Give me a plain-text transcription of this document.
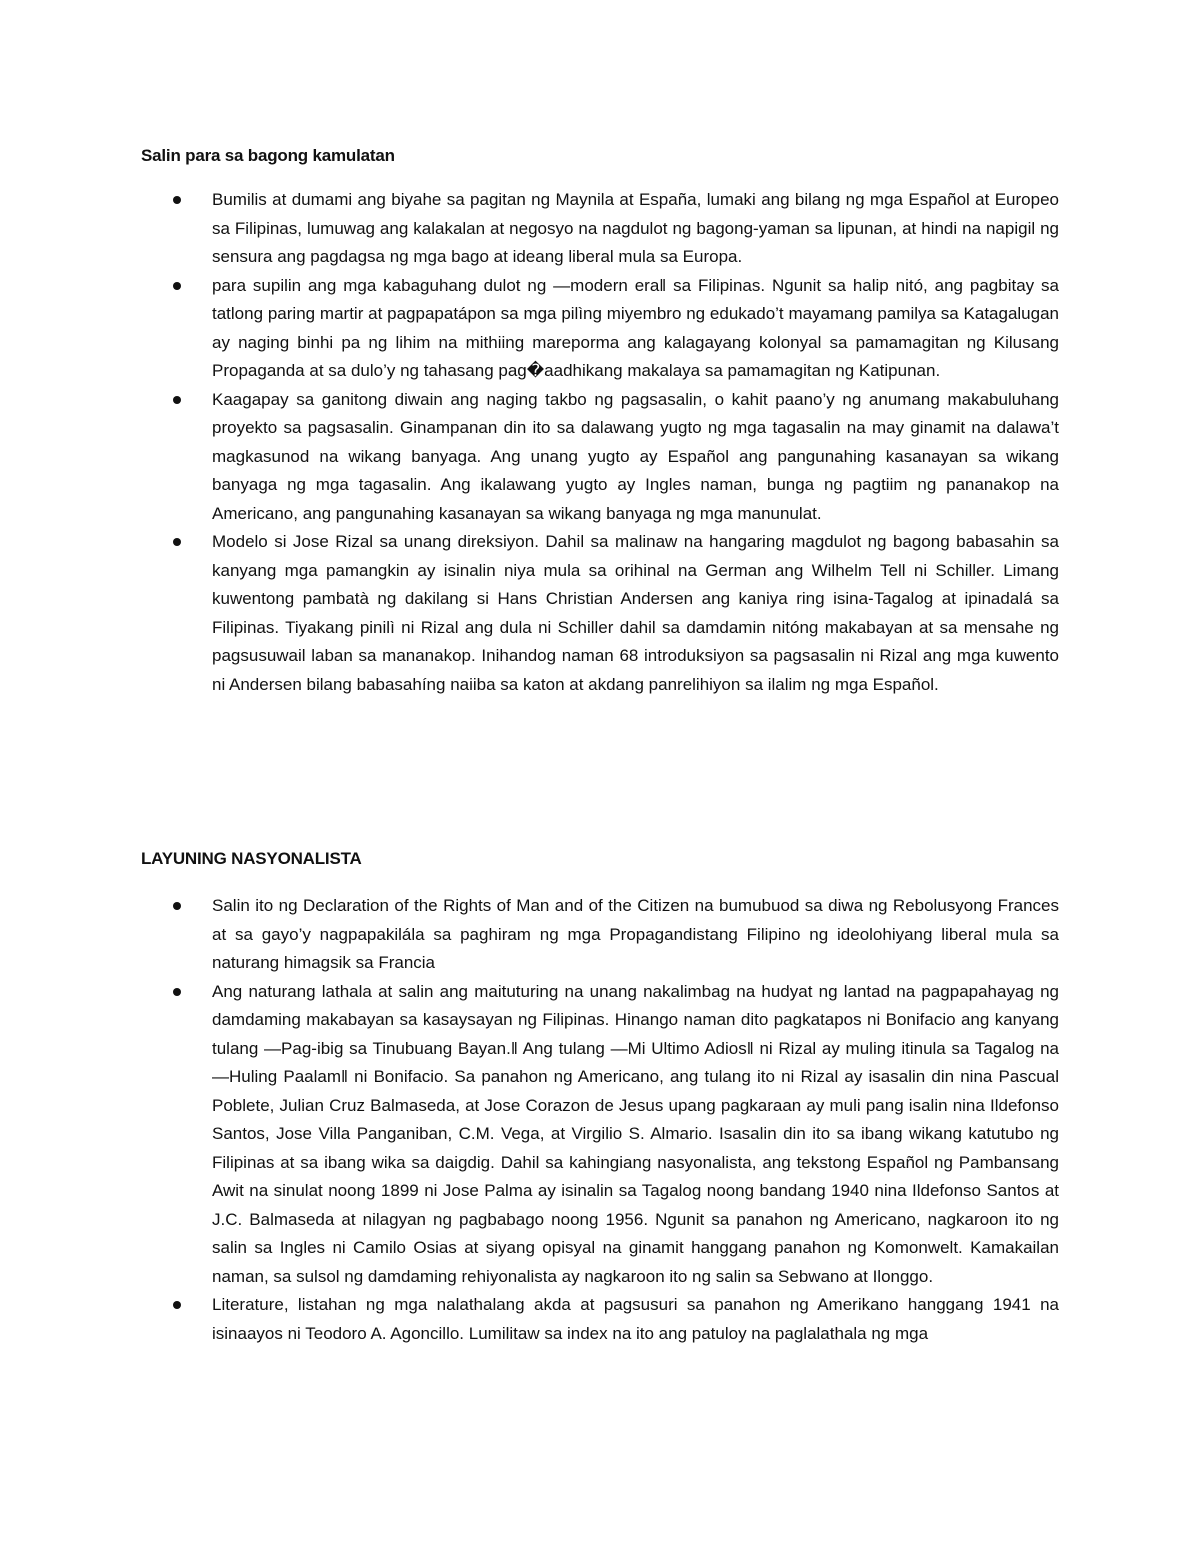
Salin para sa bagong kamulatan
Bumilis at dumami ang biyahe sa pagitan ng Maynila at España, lumaki ang bilang ng mga Español at Europeo sa Filipinas, lumuwag ang kalakalan at negosyo na nagdulot ng bagong-yaman sa lipunan, at hindi na napigil ng sensura ang pagdagsa ng mga bago at ideang liberal mula sa Europa.
para supilin ang mga kabaguhang dulot ng ―modern era‖ sa Filipinas. Ngunit sa halip nitó, ang pagbitay sa tatlong paring martir at pagpapatápon sa mga pilìng miyembro ng edukado’t mayamang pamilya sa Katagalugan ay naging binhi pa ng lihim na mithiing mareporma ang kalagayang kolonyal sa pamamagitan ng Kilusang Propaganda at sa dulo’y ng tahasang pag�aadhikang makalaya sa pamamagitan ng Katipunan.
Kaagapay sa ganitong diwain ang naging takbo ng pagsasalin, o kahit paano’y ng anumang makabuluhang proyekto sa pagsasalin. Ginampanan din ito sa dalawang yugto ng mga tagasalin na may ginamit na dalawa’t magkasunod na wikang banyaga. Ang unang yugto ay Español ang pangunahing kasanayan sa wikang banyaga ng mga tagasalin. Ang ikalawang yugto ay Ingles naman, bunga ng pagtiim ng pananakop na Americano, ang pangunahing kasanayan sa wikang banyaga ng mga manunulat.
Modelo si Jose Rizal sa unang direksiyon. Dahil sa malinaw na hangaring magdulot ng bagong babasahin sa kanyang mga pamangkin ay isinalin niya mula sa orihinal na German ang Wilhelm Tell ni Schiller. Limang kuwentong pambatà ng dakilang si Hans Christian Andersen ang kaniya ring isina-Tagalog at ipinadalá sa Filipinas. Tiyakang pinilì ni Rizal ang dula ni Schiller dahil sa damdamin nitóng makabayan at sa mensahe ng pagsusuwail laban sa mananakop. Inihandog naman 68 introduksiyon sa pagsasalin ni Rizal ang mga kuwento ni Andersen bilang babasahíng naiiba sa katon at akdang panrelihiyon sa ilalim ng mga Español.
LAYUNING NASYONALISTA
Salin ito ng Declaration of the Rights of Man and of the Citizen na bumubuod sa diwa ng Rebolusyong Frances at sa gayo’y nagpapakilála sa paghiram ng mga Propagandistang Filipino ng ideolohiyang liberal mula sa naturang himagsik sa Francia
Ang naturang lathala at salin ang maituturing na unang nakalimbag na hudyat ng lantad na pagpapahayag ng damdaming makabayan sa kasaysayan ng Filipinas. Hinango naman dito pagkatapos ni Bonifacio ang kanyang tulang ―Pag-ibig sa Tinubuang Bayan.‖ Ang tulang ―Mi Ultimo Adios‖ ni Rizal ay muling itinula sa Tagalog na ―Huling Paalam‖ ni Bonifacio. Sa panahon ng Americano, ang tulang ito ni Rizal ay isasalin din nina Pascual Poblete, Julian Cruz Balmaseda, at Jose Corazon de Jesus upang pagkaraan ay muli pang isalin nina Ildefonso Santos, Jose Villa Panganiban, C.M. Vega, at Virgilio S. Almario. Isasalin din ito sa ibang wikang katutubo ng Filipinas at sa ibang wika sa daigdig. Dahil sa kahingiang nasyonalista, ang tekstong Español ng Pambansang Awit na sinulat noong 1899 ni Jose Palma ay isinalin sa Tagalog noong bandang 1940 nina Ildefonso Santos at J.C. Balmaseda at nilagyan ng pagbabago noong 1956. Ngunit sa panahon ng Americano, nagkaroon ito ng salin sa Ingles ni Camilo Osias at siyang opisyal na ginamit hanggang panahon ng Komonwelt. Kamakailan naman, sa sulsol ng damdaming rehiyonalista ay nagkaroon ito ng salin sa Sebwano at Ilonggo.
Literature, listahan ng mga nalathalang akda at pagsusuri sa panahon ng Amerikano hanggang 1941 na isinaayos ni Teodoro A. Agoncillo. Lumilitaw sa index na ito ang patuloy na paglalathala ng mga
